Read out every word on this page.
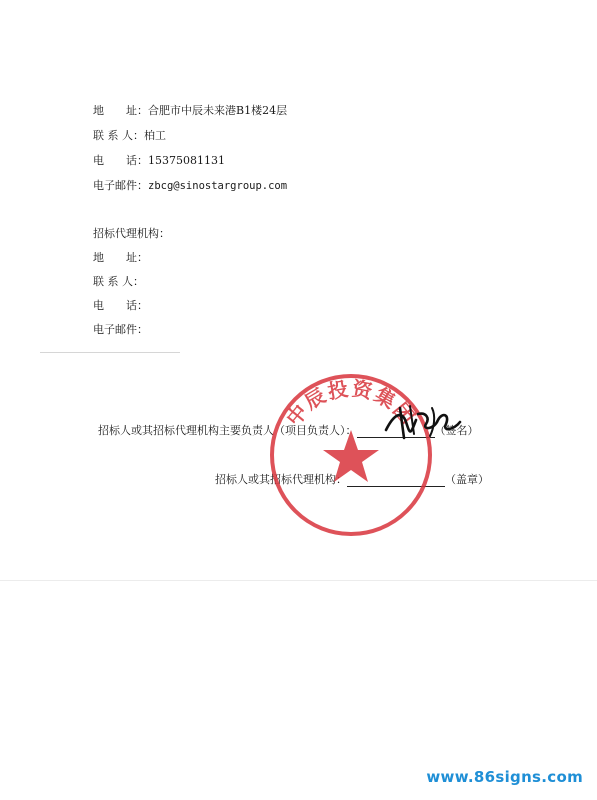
地　　址：合肥市中辰未来港B1楼24层
联 系 人：柏工
电　　话：15375081131
电子邮件：zbcg@sinostargroup.com
招标代理机构：
地　　址：
联 系 人：
电　　话：
电子邮件：
招标人或其招标代理机构主要负责人（项目负责人）：	（签名）
招标人或其招标代理机构：	（盖章）
中辰投资集团
www.86signs.com
